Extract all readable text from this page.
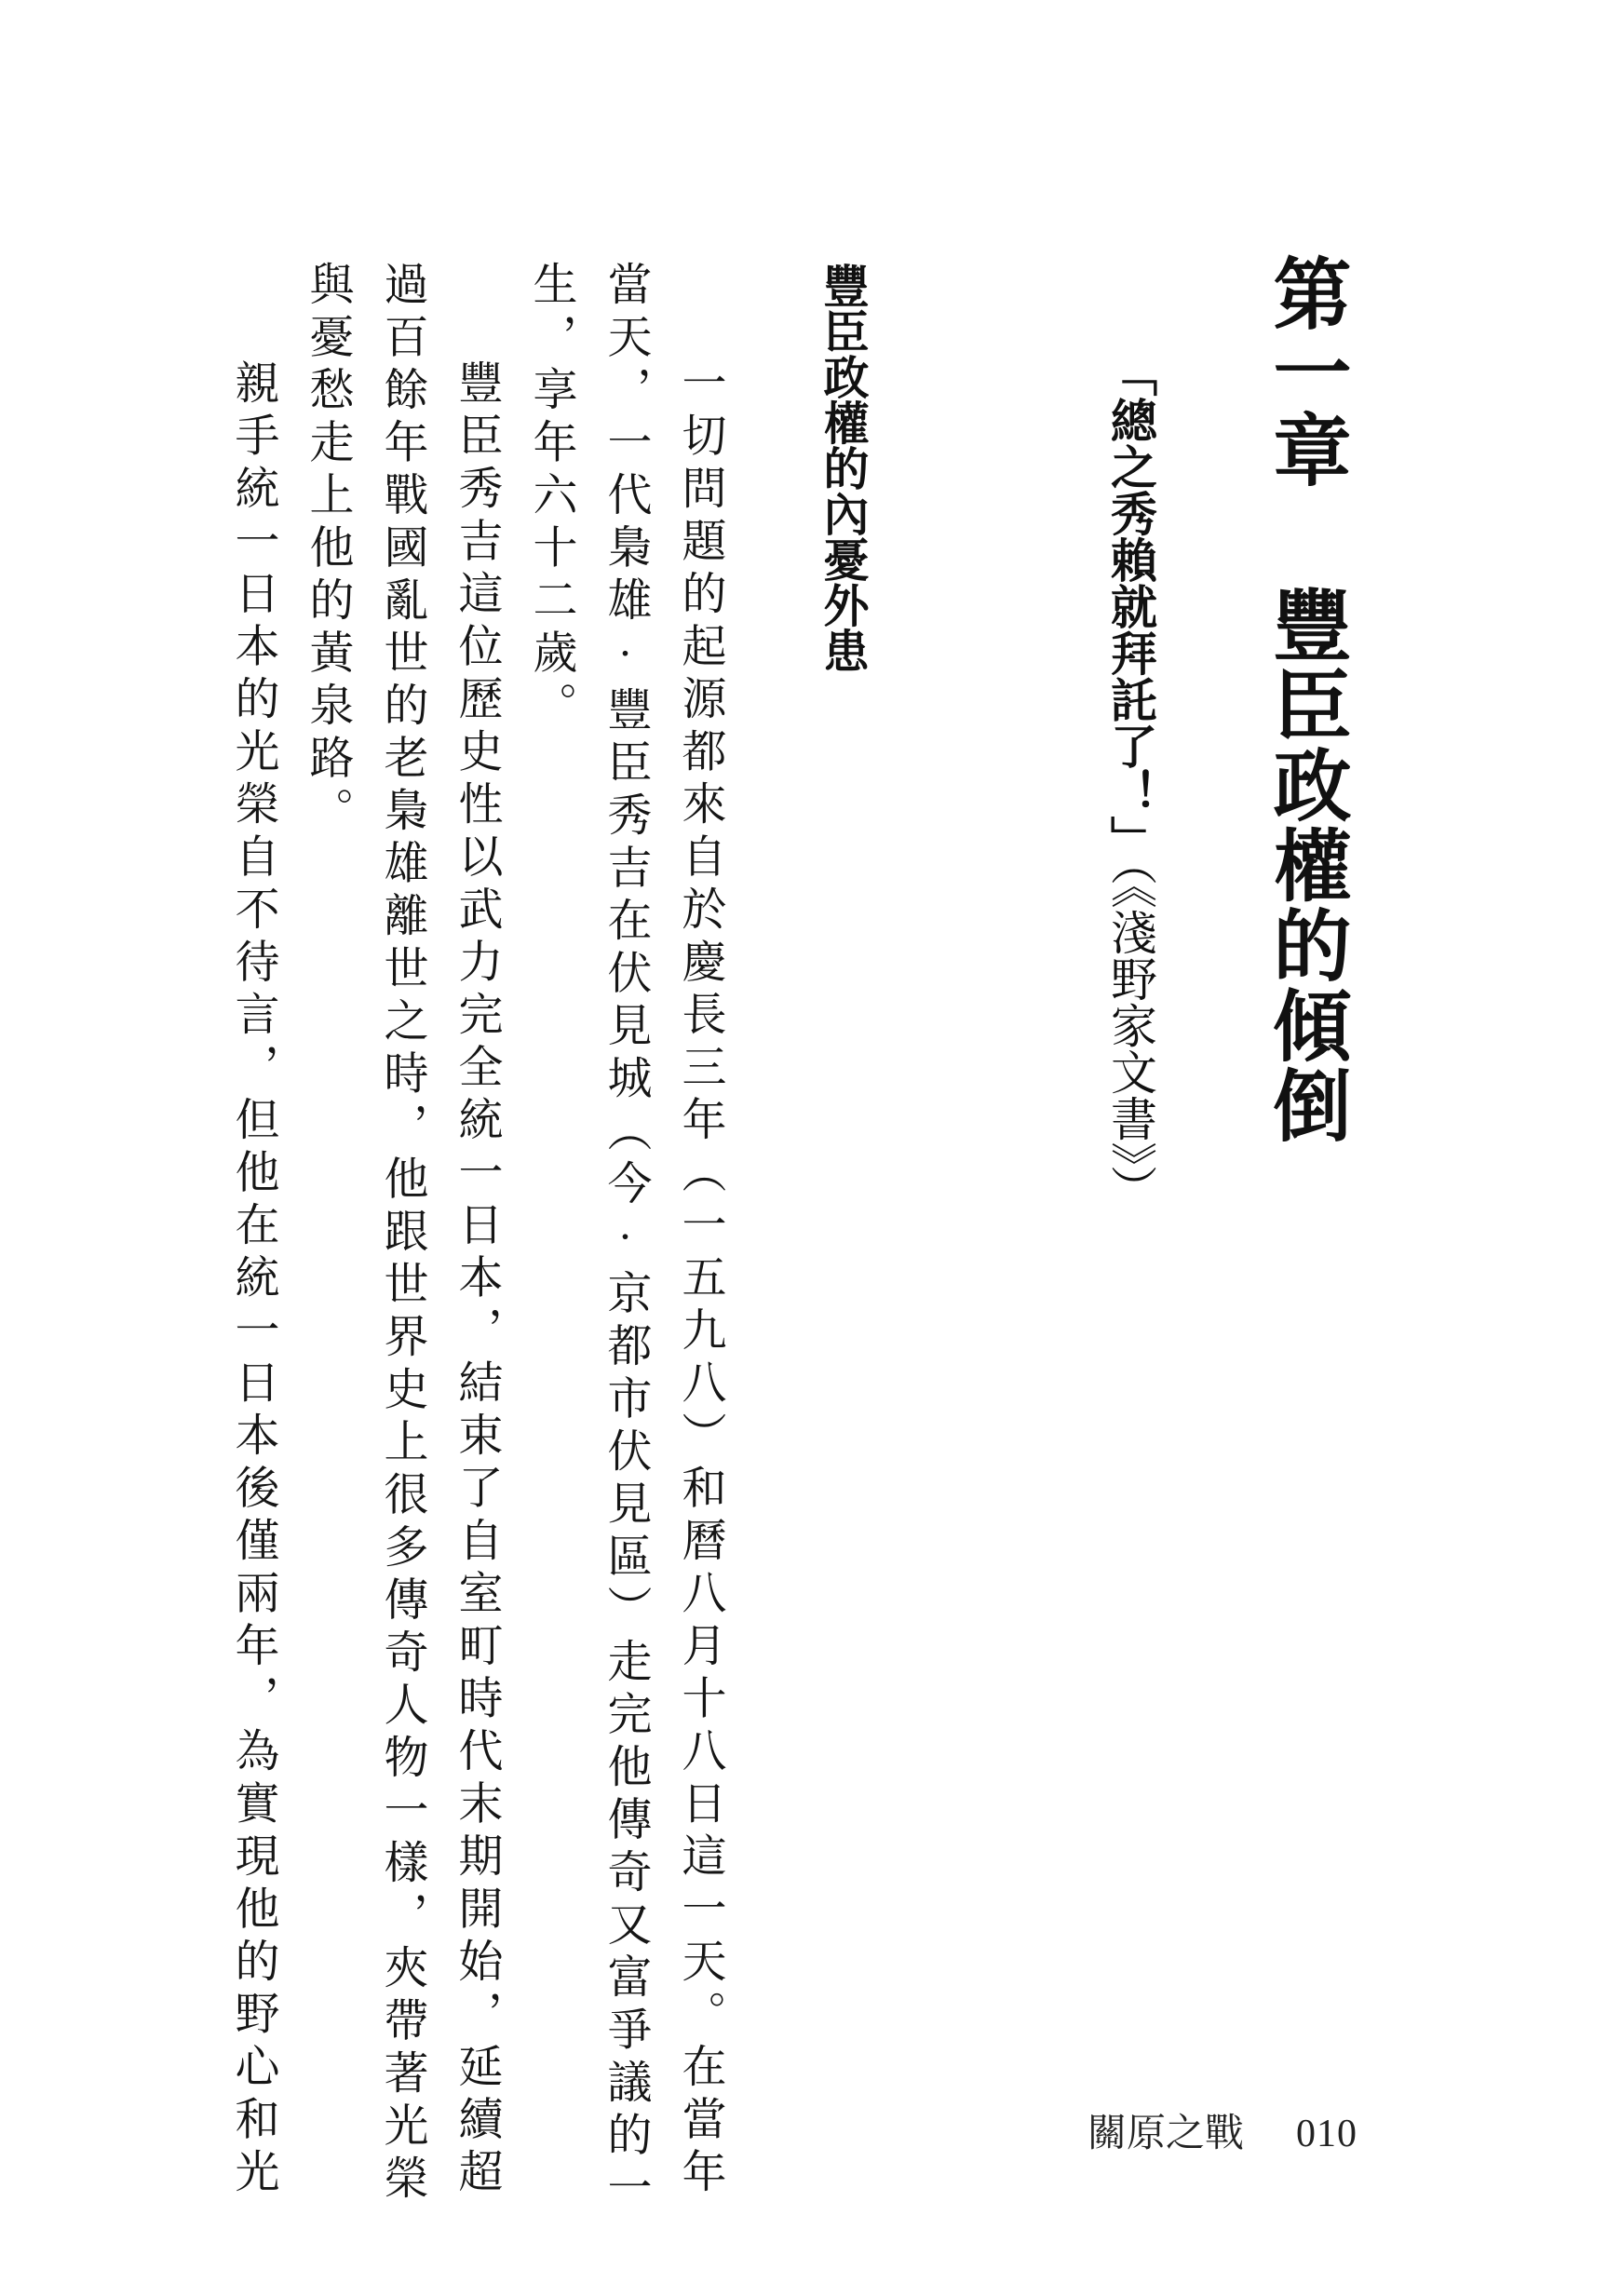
第一章豐臣政權的傾倒
「總之秀賴就拜託了！」（《淺野家文書》）
豐臣政權的內憂外患
一切問題的起源都來自於慶長三年（一五九八）和曆八月十八日這一天。在當年
當天，一代梟雄·豐臣秀吉在伏見城（今·京都市伏見區）走完他傳奇又富爭議的一
生，享年六十二歲。
豐臣秀吉這位歷史性以武力完全統一日本，結束了自室町時代末期開始，延續超
過百餘年戰國亂世的老梟雄離世之時，他跟世界史上很多傳奇人物一樣，夾帶著光榮
與憂愁走上他的黃泉路。
親手統一日本的光榮自不待言，但他在統一日本後僅兩年，為實現他的野心和光	關原之戰 010
